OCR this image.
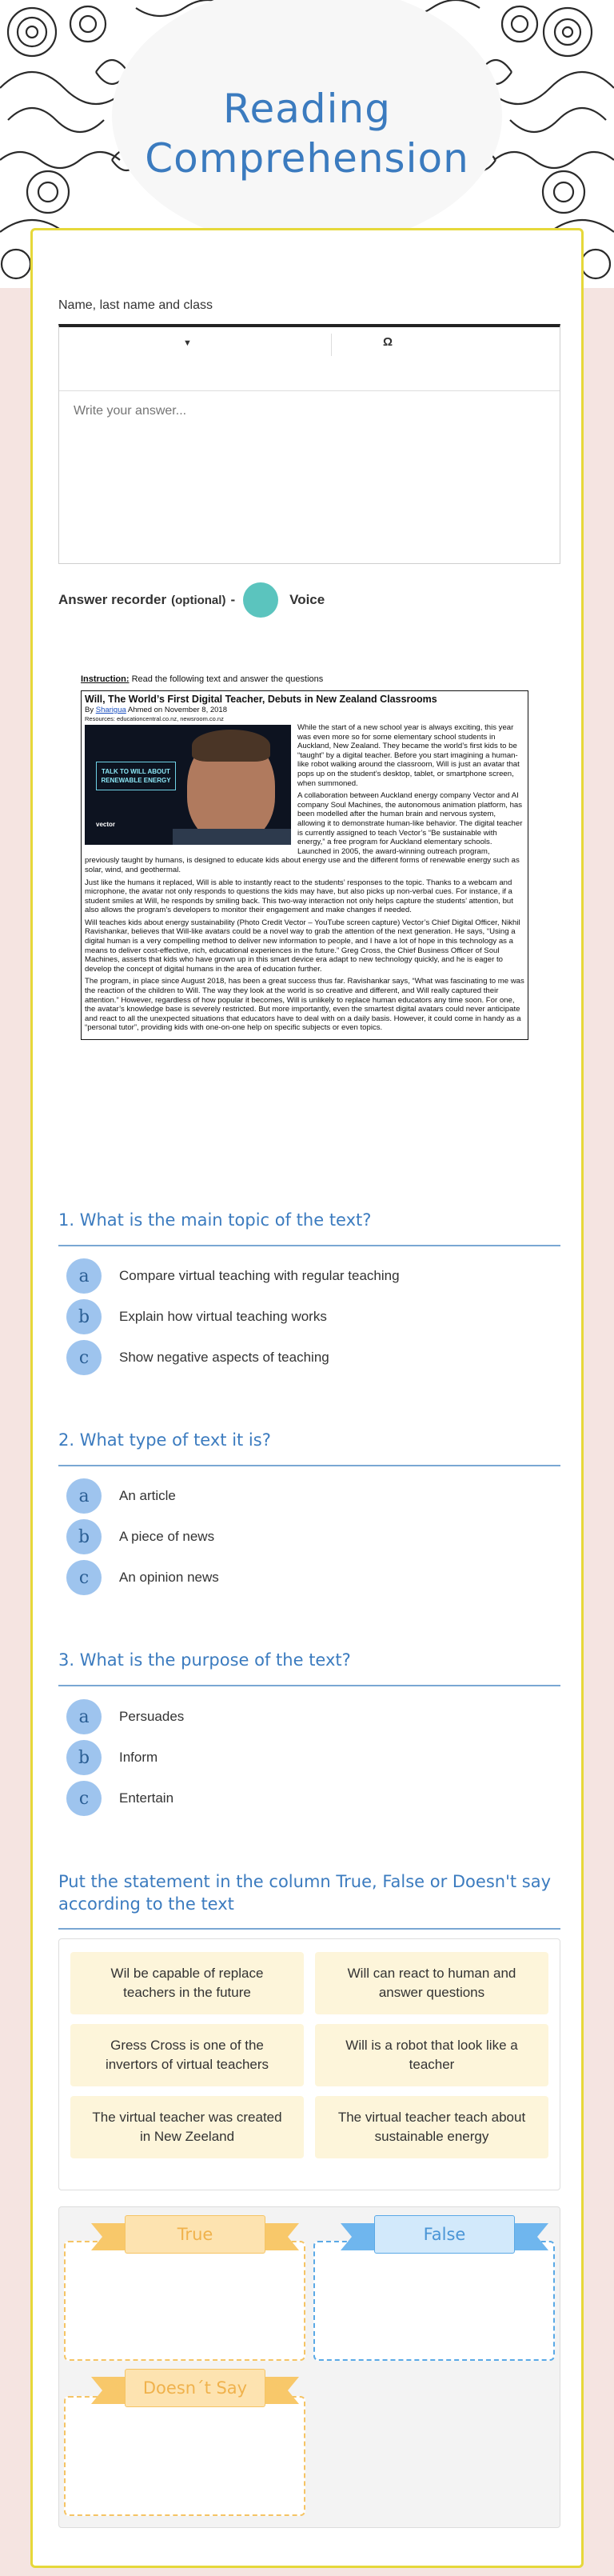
Reading
Comprehension
Name, last name and class
▼	Ω
Write your answer...
Answer recorder (optional) -	Voice
Instruction: Read the following text and answer the questions
Will, The World’s First Digital Teacher, Debuts in New Zealand Classrooms
By Sharigua Ahmed on November 8, 2018
Resources: educationcentral.co.nz, newsroom.co.nz
TALK TO WILL ABOUT RENEWABLE ENERGY
vector

While the start of a new school year is always exciting, this year was even more so for some elementary school students in Auckland, New Zealand. They became the world’s first kids to be “taught” by a digital teacher. Before you start imagining a human-like robot walking around the classroom, Will is just an avatar that pops up on the student’s desktop, tablet, or smartphone screen, when summoned.

A collaboration between Auckland energy company Vector and AI company Soul Machines, the autonomous animation platform, has been modelled after the human brain and nervous system, allowing it to demonstrate human-like behavior. The digital teacher is currently assigned to teach Vector’s “Be sustainable with energy,” a free program for Auckland elementary schools. Launched in 2005, the award-winning outreach program, previously taught by humans, is designed to educate kids about energy use and the different forms of renewable energy such as solar, wind, and geothermal.

Just like the humans it replaced, Will is able to instantly react to the students’ responses to the topic. Thanks to a webcam and microphone, the avatar not only responds to questions the kids may have, but also picks up non-verbal cues. For instance, if a student smiles at Will, he responds by smiling back. This two-way interaction not only helps capture the students’ attention, but also allows the program’s developers to monitor their engagement and make changes if needed.

Will teaches kids about energy sustainability (Photo Credit Vector – YouTube screen capture) Vector’s Chief Digital Officer, Nikhil Ravishankar, believes that Will-like avatars could be a novel way to grab the attention of the next generation. He says, “Using a digital human is a very compelling method to deliver new information to people, and I have a lot of hope in this technology as a means to deliver cost-effective, rich, educational experiences in the future.” Greg Cross, the Chief Business Officer of Soul Machines, asserts that kids who have grown up in this smart device era adapt to new technology quickly, and he is eager to develop the concept of digital humans in the area of education further.

The program, in place since August 2018, has been a great success thus far. Ravishankar says, “What was fascinating to me was the reaction of the children to Will. The way they look at the world is so creative and different, and Will really captured their attention.” However, regardless of how popular it becomes, Will is unlikely to replace human educators any time soon. For one, the avatar’s knowledge base is severely restricted. But more importantly, even the smartest digital avatars could never anticipate and react to all the unexpected situations that educators have to deal with on a daily basis. However, it could come in handy as a “personal tutor”, providing kids with one-on-one help on specific subjects or even topics.

1. What is the main topic of the text?
a	Compare virtual teaching with regular teaching
b	Explain how virtual teaching works
c	Show negative aspects of teaching
2. What type of text it is?
a	An article
b	A piece of news
c	An opinion news
3. What is the purpose of the text?
a	Persuades
b	Inform
c	Entertain
Put the statement in the column True, False or Doesn't say according to the text
Wil be capable of replace teachers in the future
Will can react to human and answer questions
Gress Cross is one of the invertors of virtual teachers
Will is a robot that look like a teacher
The virtual teacher was created in New Zeeland
The virtual teacher teach about sustainable energy
True	False
Doesn´t Say
